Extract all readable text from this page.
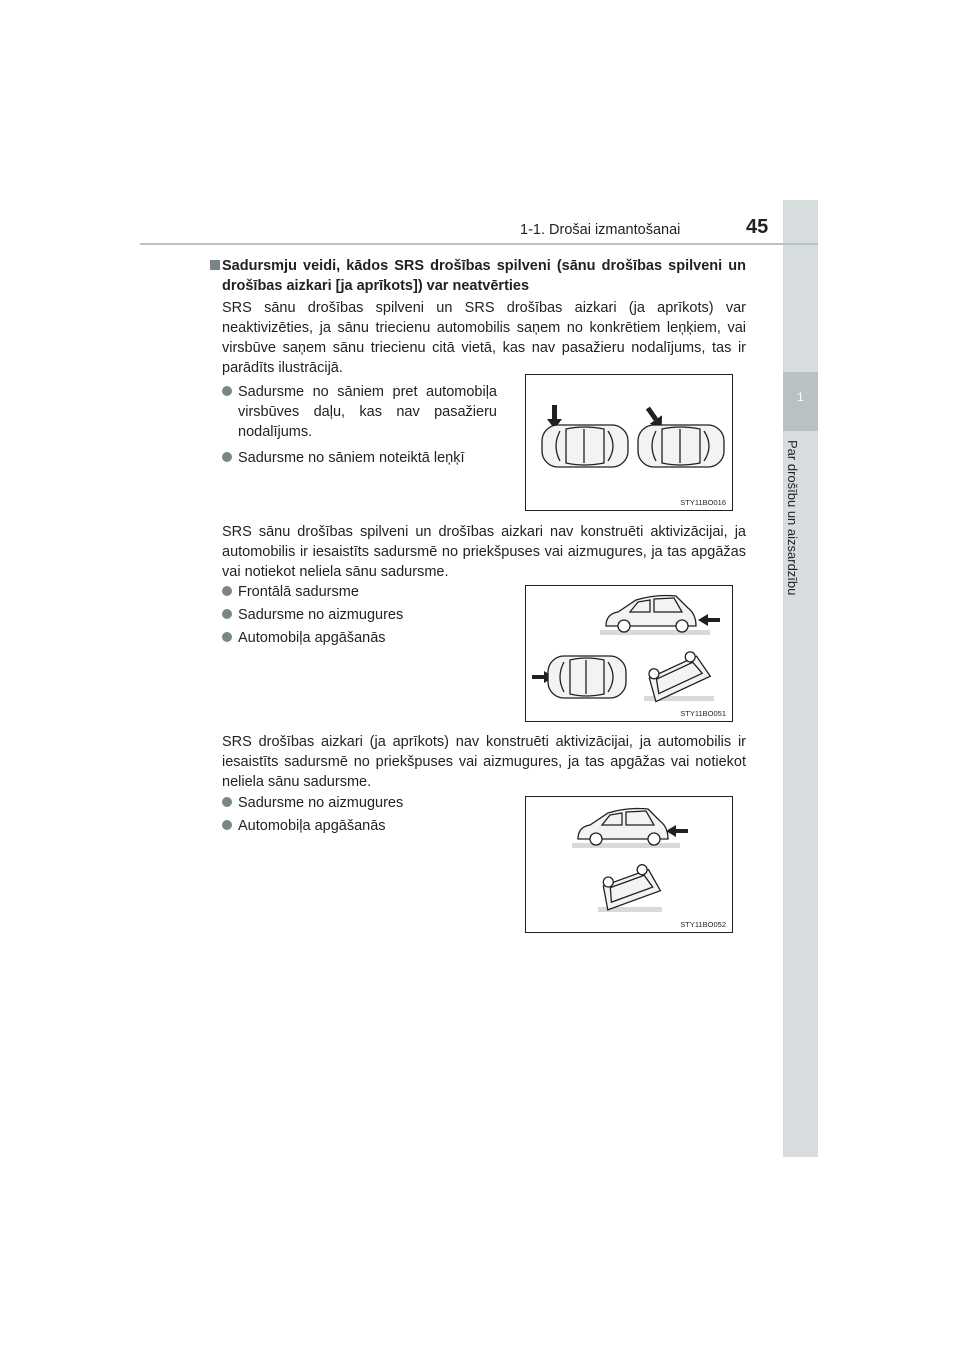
1
Par drošību un aizsardzību
1-1. Drošai izmantošanai	45
Sadursmju veidi, kādos SRS drošības spilveni (sānu drošības spilveni un drošības aizkari [ja aprīkots]) var neatvērties
SRS sānu drošības spilveni un SRS drošības aizkari (ja aprīkots) var neaktivizēties, ja sānu triecienu automobilis saņem no konkrētiem leņķiem, vai virsbūve saņem sānu triecienu citā vietā, kas nav pasažieru nodalījums, tas ir parādīts ilustrācijā.
Sadursme no sāniem pret automobiļa virsbūves daļu, kas nav pasažieru nodalījums.
Sadursme no sāniem noteiktā leņķī
STY11BO016
SRS sānu drošības spilveni un drošības aizkari nav konstruēti aktivizācijai, ja automobilis ir iesaistīts sadursmē no priekšpuses vai aizmugures, ja tas apgāžas vai notiekot neliela sānu sadursme.
Frontālā sadursme
Sadursme no aizmugures
Automobiļa apgāšanās
STY11BO051
SRS drošības aizkari (ja aprīkots) nav konstruēti aktivizācijai, ja automobilis ir iesaistīts sadursmē no priekšpuses vai aizmugures, ja tas apgāžas vai notiekot neliela sānu sadursme.
Sadursme no aizmugures
Automobiļa apgāšanās
STY11BO052
